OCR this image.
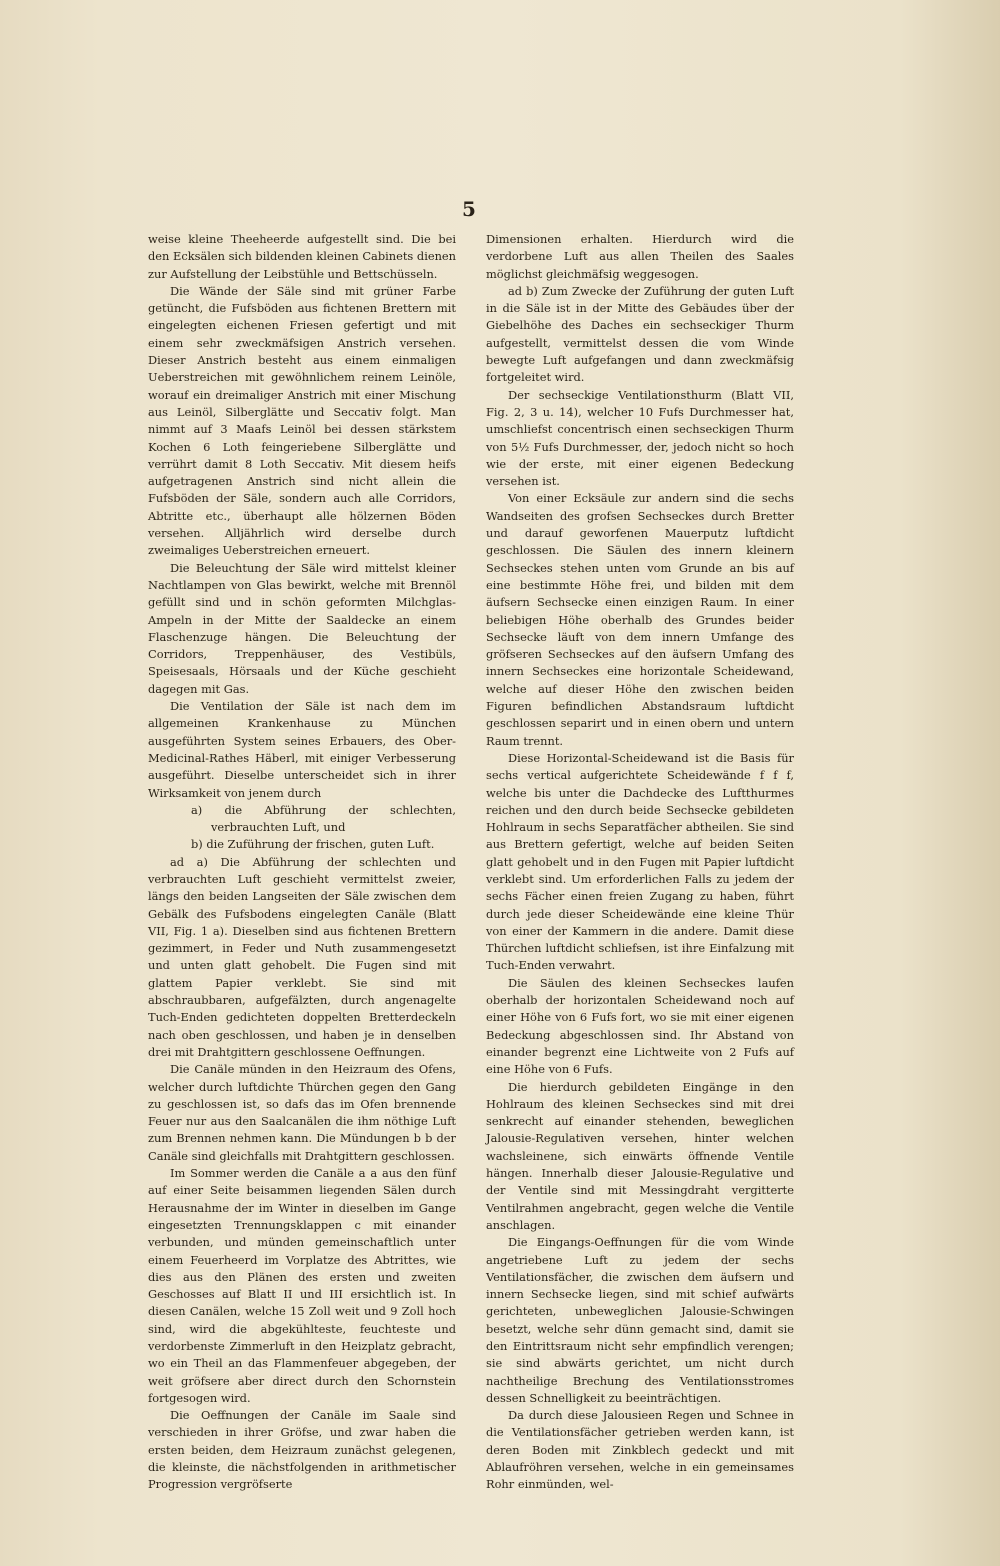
5

weise kleine Theeheerde aufgestellt sind. Die bei den Ecksälen sich bildenden kleinen Cabinets dienen zur Aufstellung der Leibstühle und Bettschüsseln.

Die Wände der Säle sind mit grüner Farbe getüncht, die Fufsböden aus fichtenen Brettern mit eingelegten eichenen Friesen gefertigt und mit einem sehr zweckmäfsigen Anstrich versehen. Dieser Anstrich besteht aus einem einmaligen Ueberstreichen mit gewöhnlichem reinem Leinöle, worauf ein dreimaliger Anstrich mit einer Mischung aus Leinöl, Silberglätte und Seccativ folgt. Man nimmt auf 3 Maafs Leinöl bei dessen stärkstem Kochen 6 Loth feingeriebene Silberglätte und verrührt damit 8 Loth Seccativ. Mit diesem heifs aufgetragenen Anstrich sind nicht allein die Fufsböden der Säle, sondern auch alle Corridors, Abtritte etc., überhaupt alle hölzernen Böden versehen. Alljährlich wird derselbe durch zweimaliges Ueberstreichen erneuert.

Die Beleuchtung der Säle wird mittelst kleiner Nachtlampen von Glas bewirkt, welche mit Brennöl gefüllt sind und in schön geformten Milchglas-Ampeln in der Mitte der Saaldecke an einem Flaschenzuge hängen. Die Beleuchtung der Corridors, Treppenhäuser, des Vestibüls, Speisesaals, Hörsaals und der Küche geschieht dagegen mit Gas.

Die Ventilation der Säle ist nach dem im allgemeinen Krankenhause zu München ausgeführten System seines Erbauers, des Ober-Medicinal-Rathes Häberl, mit einiger Verbesserung ausgeführt. Dieselbe unterscheidet sich in ihrer Wirksamkeit von jenem durch

a) die Abführung der schlechten, verbrauchten Luft, und

b) die Zuführung der frischen, guten Luft.

ad a) Die Abführung der schlechten und verbrauchten Luft geschieht vermittelst zweier, längs den beiden Langseiten der Säle zwischen dem Gebälk des Fufsbodens eingelegten Canäle (Blatt VII, Fig. 1 a). Dieselben sind aus fichtenen Brettern gezimmert, in Feder und Nuth zusammengesetzt und unten glatt gehobelt. Die Fugen sind mit glattem Papier verklebt. Sie sind mit abschraubbaren, aufgefälzten, durch angenagelte Tuch-Enden gedichteten doppelten Bretterdeckeln nach oben geschlossen, und haben je in denselben drei mit Drahtgittern geschlossene Oeffnungen.

Die Canäle münden in den Heizraum des Ofens, welcher durch luftdichte Thürchen gegen den Gang zu geschlossen ist, so dafs das im Ofen brennende Feuer nur aus den Saalcanälen die ihm nöthige Luft zum Brennen nehmen kann. Die Mündungen b b der Canäle sind gleichfalls mit Drahtgittern geschlossen.

Im Sommer werden die Canäle a a aus den fünf auf einer Seite beisammen liegenden Sälen durch Herausnahme der im Winter in dieselben im Gange eingesetzten Trennungsklappen c mit einander verbunden, und münden gemeinschaftlich unter einem Feuerheerd im Vorplatze des Abtrittes, wie dies aus den Plänen des ersten und zweiten Geschosses auf Blatt II und III ersichtlich ist. In diesen Canälen, welche 15 Zoll weit und 9 Zoll hoch sind, wird die abgekühlteste, feuchteste und verdorbenste Zimmerluft in den Heizplatz gebracht, wo ein Theil an das Flammenfeuer abgegeben, der weit gröfsere aber direct durch den Schornstein fortgesogen wird.

Die Oeffnungen der Canäle im Saale sind verschieden in ihrer Gröfse, und zwar haben die ersten beiden, dem Heizraum zunächst gelegenen, die kleinste, die nächstfolgenden in arithmetischer Progression vergröfserte

Dimensionen erhalten. Hierdurch wird die verdorbene Luft aus allen Theilen des Saales möglichst gleichmäfsig weggesogen.

ad b) Zum Zwecke der Zuführung der guten Luft in die Säle ist in der Mitte des Gebäudes über der Giebelhöhe des Daches ein sechseckiger Thurm aufgestellt, vermittelst dessen die vom Winde bewegte Luft aufgefangen und dann zweckmäfsig fortgeleitet wird.

Der sechseckige Ventilationsthurm (Blatt VII, Fig. 2, 3 u. 14), welcher 10 Fufs Durchmesser hat, umschliefst concentrisch einen sechseckigen Thurm von 5½ Fufs Durchmesser, der, jedoch nicht so hoch wie der erste, mit einer eigenen Bedeckung versehen ist.

Von einer Ecksäule zur andern sind die sechs Wandseiten des grofsen Sechseckes durch Bretter und darauf geworfenen Mauerputz luftdicht geschlossen. Die Säulen des innern kleinern Sechseckes stehen unten vom Grunde an bis auf eine bestimmte Höhe frei, und bilden mit dem äufsern Sechsecke einen einzigen Raum. In einer beliebigen Höhe oberhalb des Grundes beider Sechsecke läuft von dem innern Umfange des gröfseren Sechseckes auf den äufsern Umfang des innern Sechseckes eine horizontale Scheidewand, welche auf dieser Höhe den zwischen beiden Figuren befindlichen Abstandsraum luftdicht geschlossen separirt und in einen obern und untern Raum trennt.

Diese Horizontal-Scheidewand ist die Basis für sechs vertical aufgerichtete Scheidewände f f f, welche bis unter die Dachdecke des Luftthurmes reichen und den durch beide Sechsecke gebildeten Hohlraum in sechs Separatfächer abtheilen. Sie sind aus Brettern gefertigt, welche auf beiden Seiten glatt gehobelt und in den Fugen mit Papier luftdicht verklebt sind. Um erforderlichen Falls zu jedem der sechs Fächer einen freien Zugang zu haben, führt durch jede dieser Scheidewände eine kleine Thür von einer der Kammern in die andere. Damit diese Thürchen luftdicht schliefsen, ist ihre Einfalzung mit Tuch-Enden verwahrt.

Die Säulen des kleinen Sechseckes laufen oberhalb der horizontalen Scheidewand noch auf einer Höhe von 6 Fufs fort, wo sie mit einer eigenen Bedeckung abgeschlossen sind. Ihr Abstand von einander begrenzt eine Lichtweite von 2 Fufs auf eine Höhe von 6 Fufs.

Die hierdurch gebildeten Eingänge in den Hohlraum des kleinen Sechseckes sind mit drei senkrecht auf einander stehenden, beweglichen Jalousie-Regulativen versehen, hinter welchen wachsleinene, sich einwärts öffnende Ventile hängen. Innerhalb dieser Jalousie-Regulative und der Ventile sind mit Messingdraht vergitterte Ventilrahmen angebracht, gegen welche die Ventile anschlagen.

Die Eingangs-Oeffnungen für die vom Winde angetriebene Luft zu jedem der sechs Ventilationsfächer, die zwischen dem äufsern und innern Sechsecke liegen, sind mit schief aufwärts gerichteten, unbeweglichen Jalousie-Schwingen besetzt, welche sehr dünn gemacht sind, damit sie den Eintrittsraum nicht sehr empfindlich verengen; sie sind abwärts gerichtet, um nicht durch nachtheilige Brechung des Ventilationsstromes dessen Schnelligkeit zu beeinträchtigen.

Da durch diese Jalousieen Regen und Schnee in die Ventilationsfächer getrieben werden kann, ist deren Boden mit Zinkblech gedeckt und mit Ablaufröhren versehen, welche in ein gemeinsames Rohr einmünden, wel-
